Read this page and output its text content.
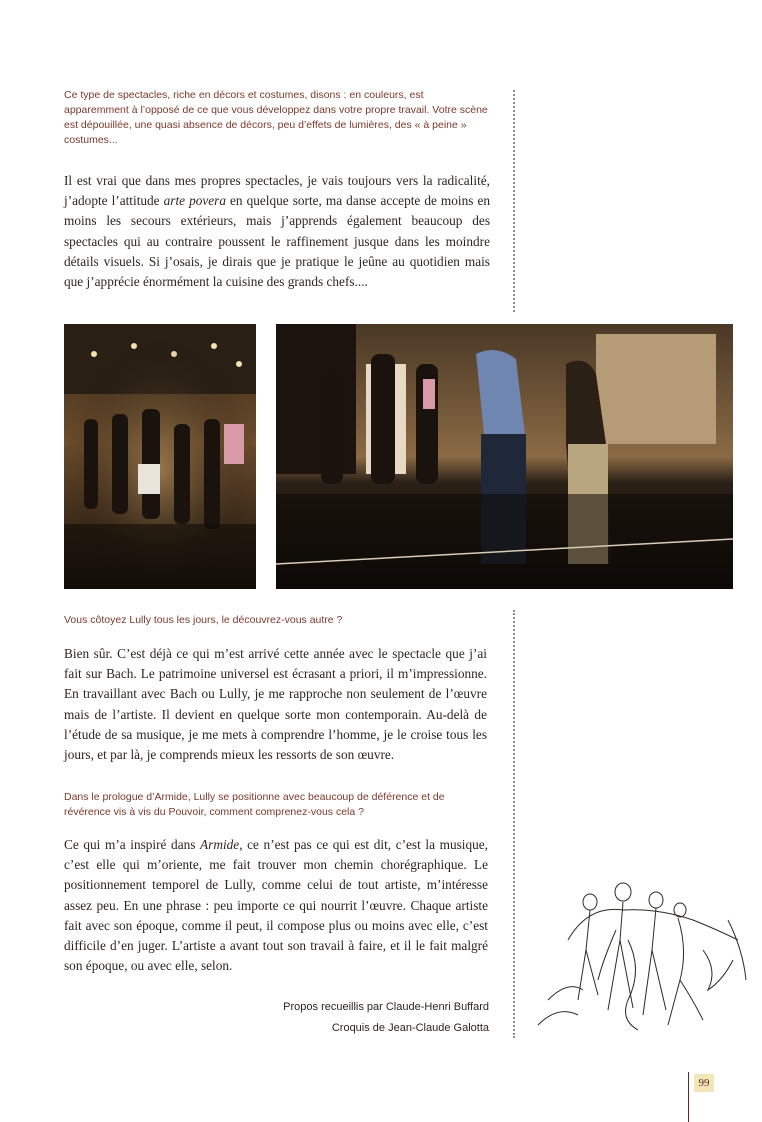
Ce type de spectacles, riche en décors et costumes, disons : en couleurs, est apparemment à l’opposé de ce que vous développez dans votre propre travail. Votre scène est dépouillée, une quasi absence de décors, peu d’effets de lumières, des « à peine » costumes...
Il est vrai que dans mes propres spectacles, je vais toujours vers la radicalité, j’adopte l’attitude arte povera en quelque sorte, ma danse accepte de moins en moins les secours extérieurs, mais j’apprends également beaucoup des spectacles qui au contraire poussent le raffinement jusque dans les moindre détails visuels. Si j’osais, je dirais que je pratique le jeûne au quotidien mais que j’apprécie énormément la cuisine des grands chefs....
Vous côtoyez Lully tous les jours, le découvrez-vous autre ?
Bien sûr. C’est déjà ce qui m’est arrivé cette année avec le spectacle que j’ai fait sur Bach. Le patrimoine universel est écrasant a priori, il m’impressionne. En travaillant avec Bach ou Lully, je me rapproche non seulement de l’œuvre mais de l’artiste. Il devient en quelque sorte mon contemporain. Au-delà de l’étude de sa musique, je me mets à comprendre l’homme, je le croise tous les jours, et par là, je comprends mieux les ressorts de son œuvre.
Dans le prologue d’Armide, Lully se positionne avec beaucoup de déférence et de révérence vis à vis du Pouvoir, comment comprenez-vous cela ?
Ce qui m’a inspiré dans Armide, ce n’est pas ce qui est dit, c’est la musique, c’est elle qui m’oriente, me fait trouver mon chemin chorégraphique. Le positionnement temporel de Lully, comme celui de tout artiste, m’intéresse assez peu. En une phrase : peu importe ce qui nourrit l’œuvre. Chaque artiste fait avec son époque, comme il peut, il compose plus ou moins avec elle, c’est difficile d’en juger. L’artiste a avant tout son travail à faire, et il le fait malgré son époque, ou avec elle, selon.
Propos recueillis par Claude-Henri Buffard
Croquis de Jean-Claude Galotta
99
